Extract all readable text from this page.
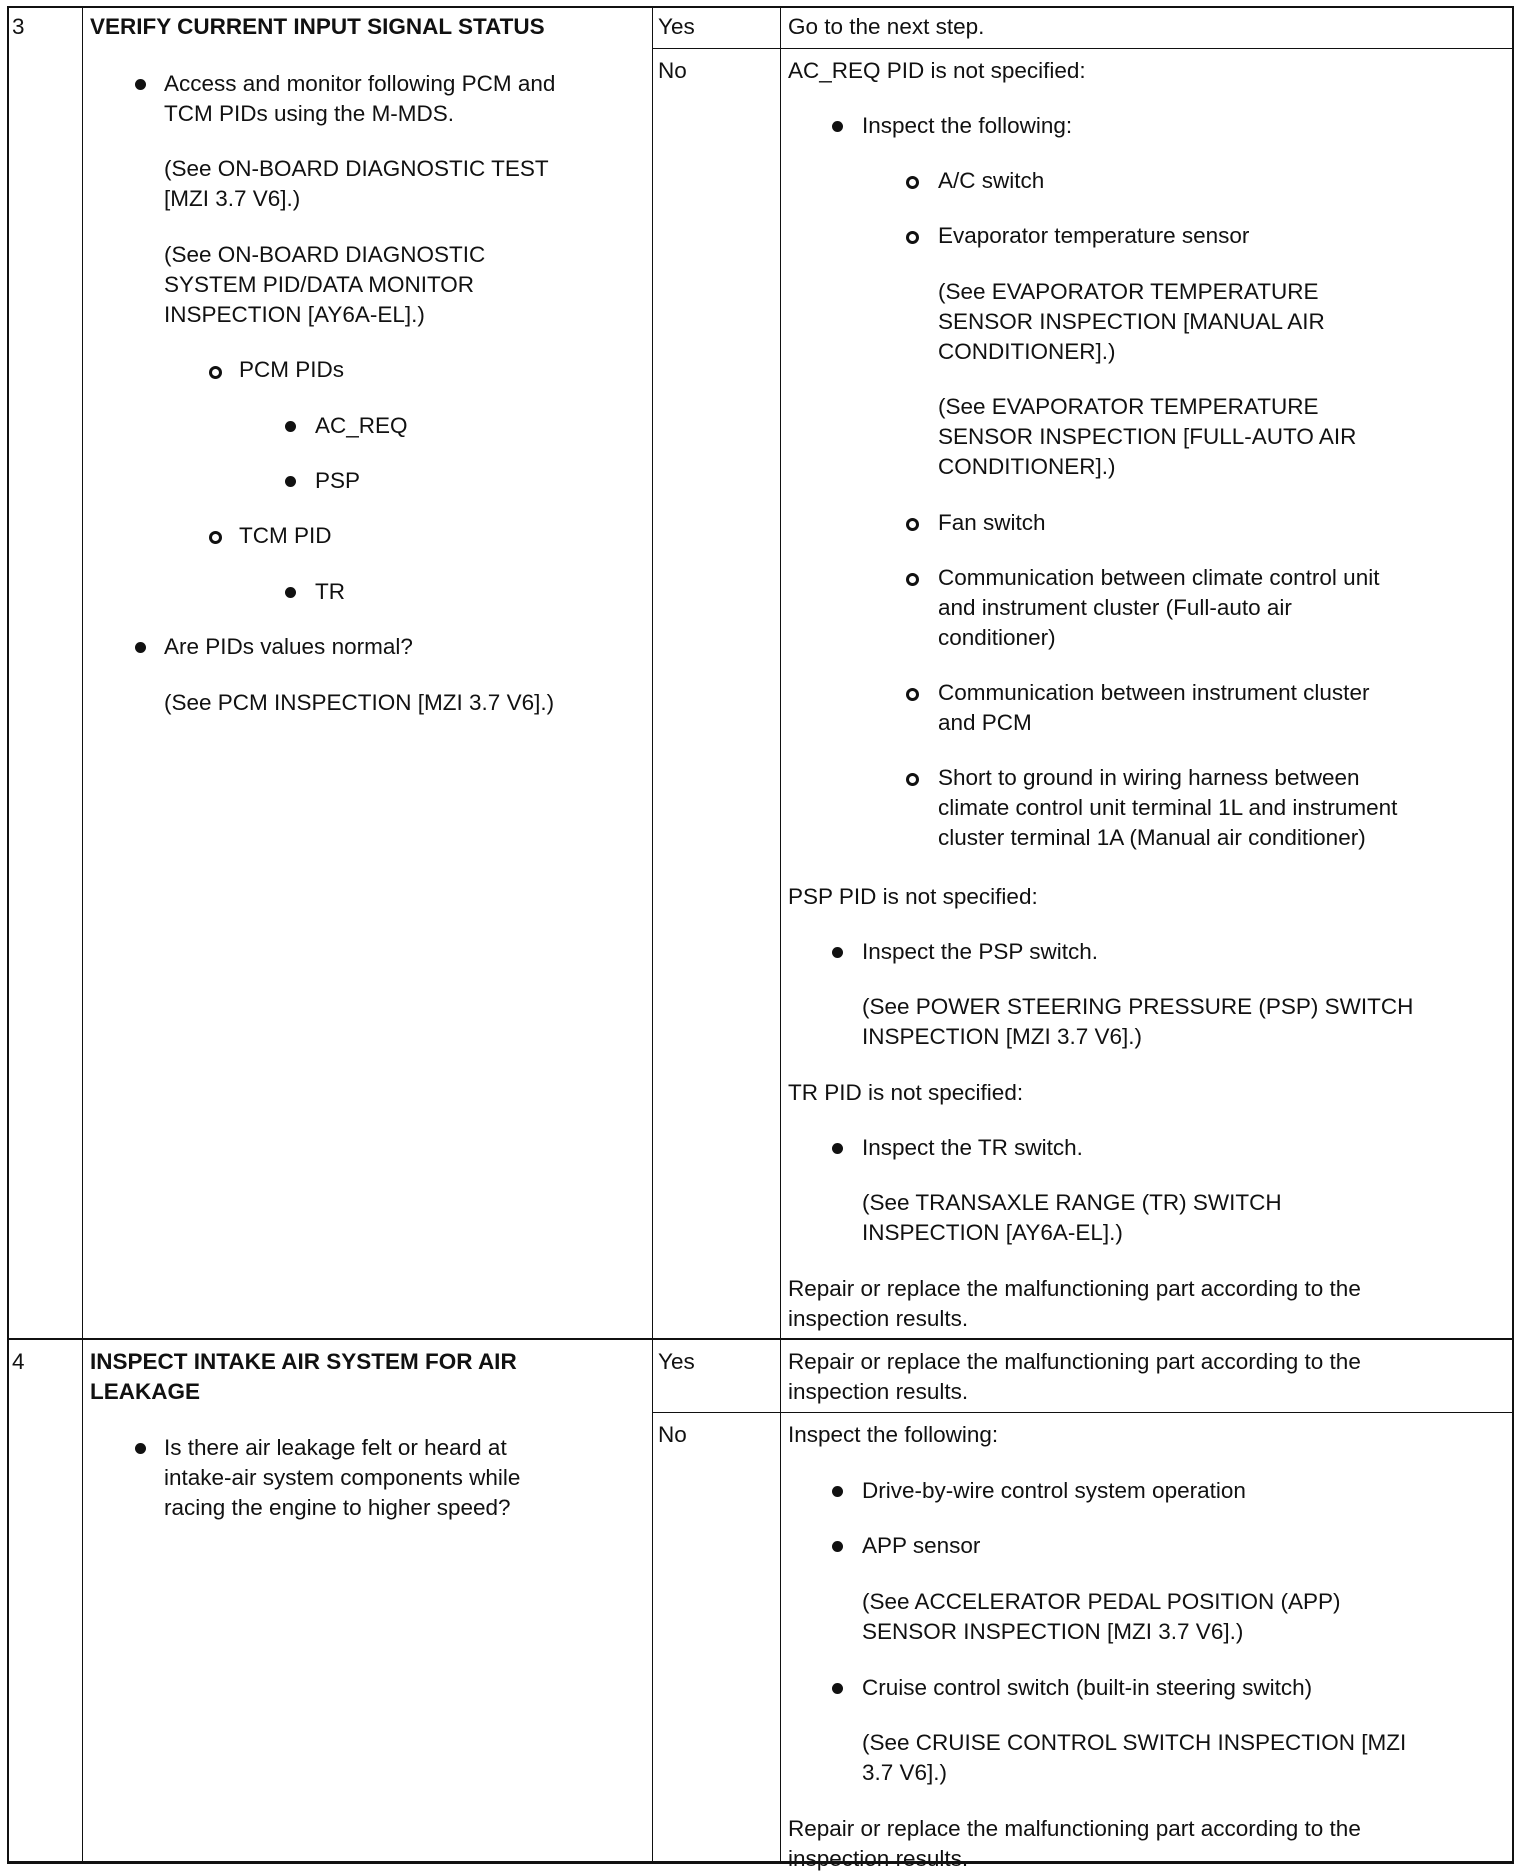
3	VERIFY CURRENT INPUT SIGNAL STATUS
Access and monitor following PCM and
TCM PIDs using the M-MDS.
(See ON-BOARD DIAGNOSTIC TEST
[MZI 3.7 V6].)
(See ON-BOARD DIAGNOSTIC
SYSTEM PID/DATA MONITOR
INSPECTION [AY6A-EL].)
PCM PIDs
AC_REQ
PSP
TCM PID
TR
Are PIDs values normal?
(See PCM INSPECTION [MZI 3.7 V6].)
Yes	Go to the next step.
No	AC_REQ PID is not specified:
Inspect the following:
A/C switch
Evaporator temperature sensor
(See EVAPORATOR TEMPERATURE
SENSOR INSPECTION [MANUAL AIR
CONDITIONER].)
(See EVAPORATOR TEMPERATURE
SENSOR INSPECTION [FULL-AUTO AIR
CONDITIONER].)
Fan switch
Communication between climate control unit
and instrument cluster (Full-auto air
conditioner)
Communication between instrument cluster
and PCM
Short to ground in wiring harness between
climate control unit terminal 1L and instrument
cluster terminal 1A (Manual air conditioner)
PSP PID is not specified:
Inspect the PSP switch.
(See POWER STEERING PRESSURE (PSP) SWITCH
INSPECTION [MZI 3.7 V6].)
TR PID is not specified:
Inspect the TR switch.
(See TRANSAXLE RANGE (TR) SWITCH
INSPECTION [AY6A-EL].)
Repair or replace the malfunctioning part according to the
inspection results.
4	INSPECT INTAKE AIR SYSTEM FOR AIR
LEAKAGE
Is there air leakage felt or heard at
intake-air system components while
racing the engine to higher speed?
Yes	Repair or replace the malfunctioning part according to the
inspection results.
No	Inspect the following:
Drive-by-wire control system operation
APP sensor
(See ACCELERATOR PEDAL POSITION (APP)
SENSOR INSPECTION [MZI 3.7 V6].)
Cruise control switch (built-in steering switch)
(See CRUISE CONTROL SWITCH INSPECTION [MZI
3.7 V6].)
Repair or replace the malfunctioning part according to the
inspection results.
